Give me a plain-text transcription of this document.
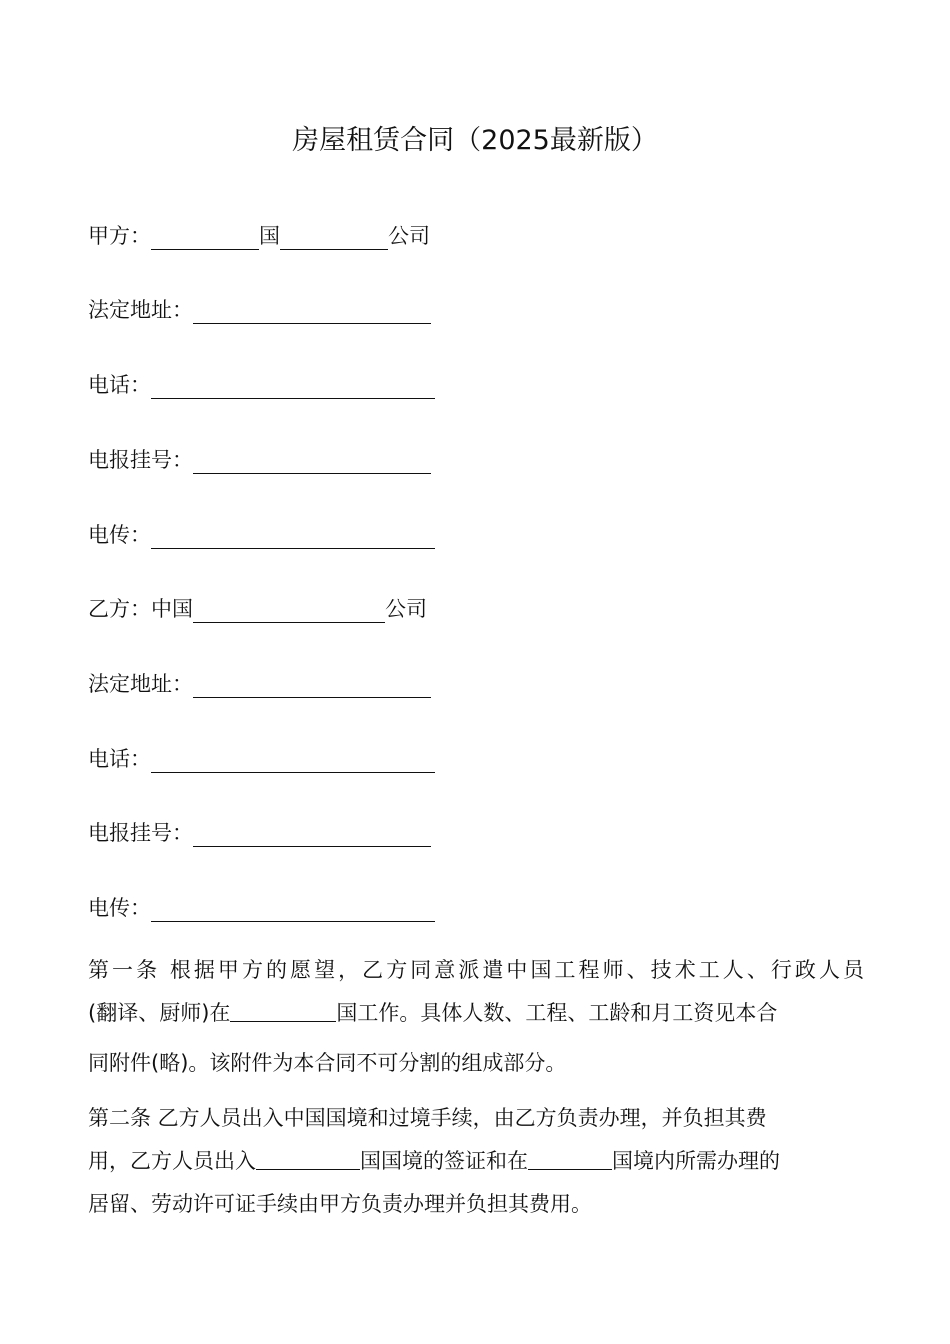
房屋租赁合同（2025最新版）
甲方：	国	公司
法定地址：
电话：
电报挂号：
电传：
乙方：中国	公司
法定地址：
电话：
电报挂号：
电传：
第一条 根据甲方的愿望，乙方同意派遣中国工程师、技术工人、行政人员
(翻译、厨师)在	国工作。具体人数、工程、工龄和月工资见本合
同附件(略)。该附件为本合同不可分割的组成部分。
第二条 乙方人员出入中国国境和过境手续，由乙方负责办理，并负担其费
用，乙方人员出入	国国境的签证和在	国境内所需办理的
居留、劳动许可证手续由甲方负责办理并负担其费用。
